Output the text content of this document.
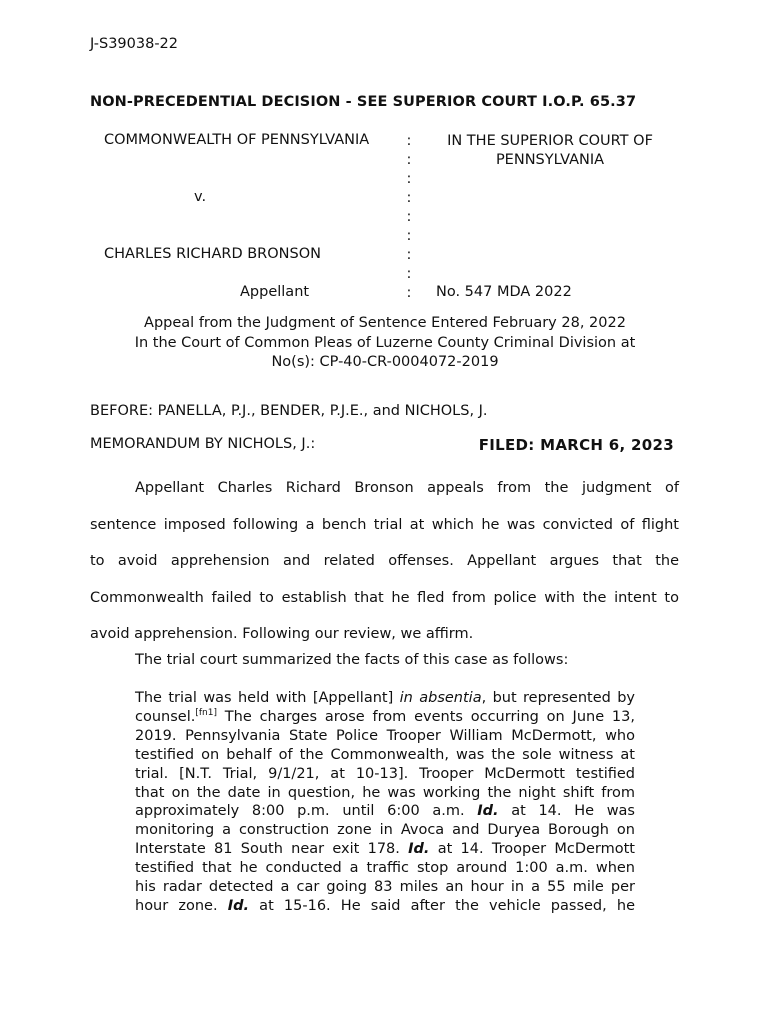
J-S39038-22
NON-PRECEDENTIAL DECISION - SEE SUPERIOR COURT I.O.P. 65.37
COMMONWEALTH OF PENNSYLVANIA
v.
CHARLES RICHARD BRONSON
Appellant
:
:
:
:
:
:
:
:
:
IN THE SUPERIOR COURT OF
PENNSYLVANIA
No. 547 MDA 2022
Appeal from the Judgment of Sentence Entered February 28, 2022
In the Court of Common Pleas of Luzerne County Criminal Division at
No(s): CP-40-CR-0004072-2019
BEFORE: PANELLA, P.J., BENDER, P.J.E., and NICHOLS, J.
MEMORANDUM BY NICHOLS, J.:	FILED: MARCH 6, 2023
Appellant Charles Richard Bronson appeals from the judgment of
sentence imposed following a bench trial at which he was convicted of flight
to avoid apprehension and related offenses. Appellant argues that the
Commonwealth failed to establish that he fled from police with the intent to
avoid apprehension. Following our review, we affirm.
The trial court summarized the facts of this case as follows:
The trial was held with [Appellant] in absentia, but represented by
counsel.[fn1] The charges arose from events occurring on June 13,
2019. Pennsylvania State Police Trooper William McDermott, who
testified on behalf of the Commonwealth, was the sole witness at
trial. [N.T. Trial, 9/1/21, at 10-13]. Trooper McDermott testified
that on the date in question, he was working the night shift from
approximately 8:00 p.m. until 6:00 a.m. Id. at 14. He was
monitoring a construction zone in Avoca and Duryea Borough on
Interstate 81 South near exit 178. Id. at 14. Trooper McDermott
testified that he conducted a traffic stop around 1:00 a.m. when
his radar detected a car going 83 miles an hour in a 55 mile per
hour zone. Id. at 15-16. He said after the vehicle passed, he
